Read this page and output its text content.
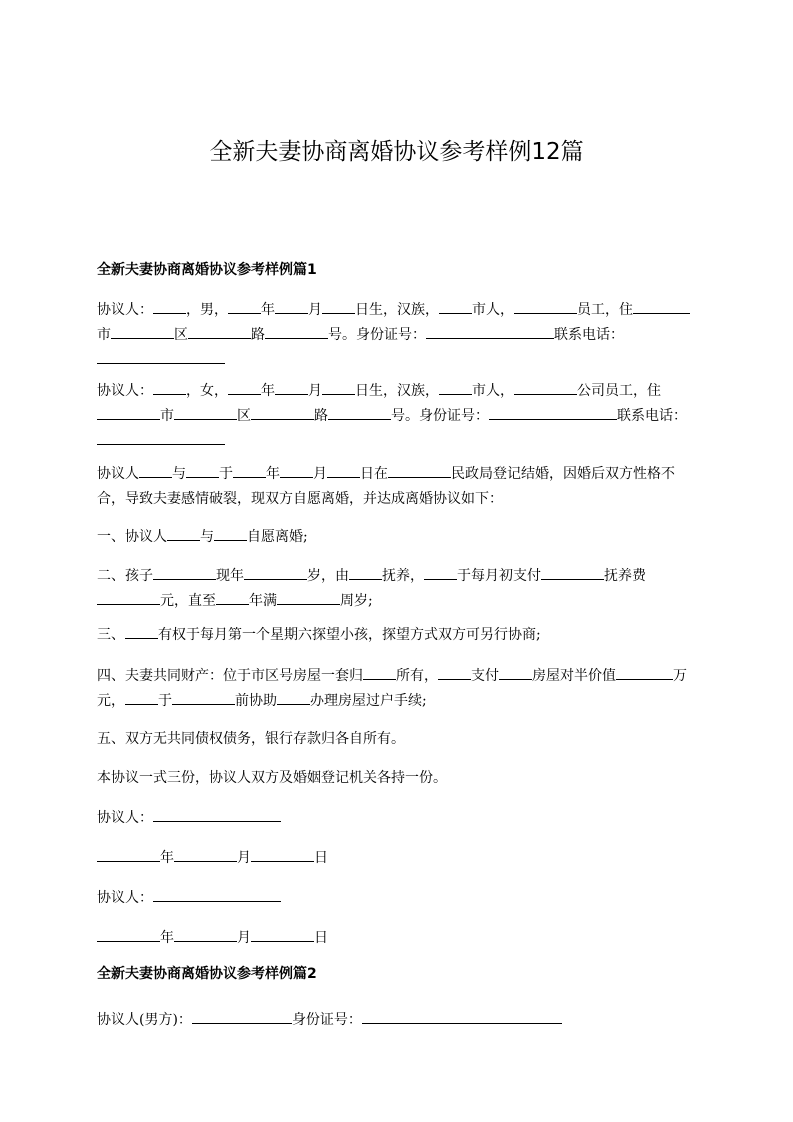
全新夫妻协商离婚协议参考样例12篇
全新夫妻协商离婚协议参考样例篇1

协议人： ，男， 年 月 日生，汉族， 市人，	员工，住市	区	路	号。身份证号：	联系电话：

协议人： ，女， 年 月 日生，汉族， 市人，	公司员工，住市	区	路	号。身份证号：	联系电话：

协议人 与 于 年 月 日在	民政局登记结婚，因婚后双方性格不合，导致夫妻感情破裂，现双方自愿离婚，并达成离婚协议如下：

一、协议人 与 自愿离婚;

二、孩子	现年	岁，由 抚养， 于每月初支付	抚养费元，直至 年满	周岁;

三、 有权于每月第一个星期六探望小孩，探望方式双方可另行协商;

四、夫妻共同财产：位于市区号房屋一套归 所有， 支付 房屋对半价值	万元， 于	前协助 办理房屋过户手续;

五、双方无共同债权债务，银行存款归各自所有。

本协议一式三份，协议人双方及婚姻登记机关各持一份。

协议人：

年	月	日

协议人：

年	月	日

全新夫妻协商离婚协议参考样例篇2

协议人(男方)：	身份证号：
